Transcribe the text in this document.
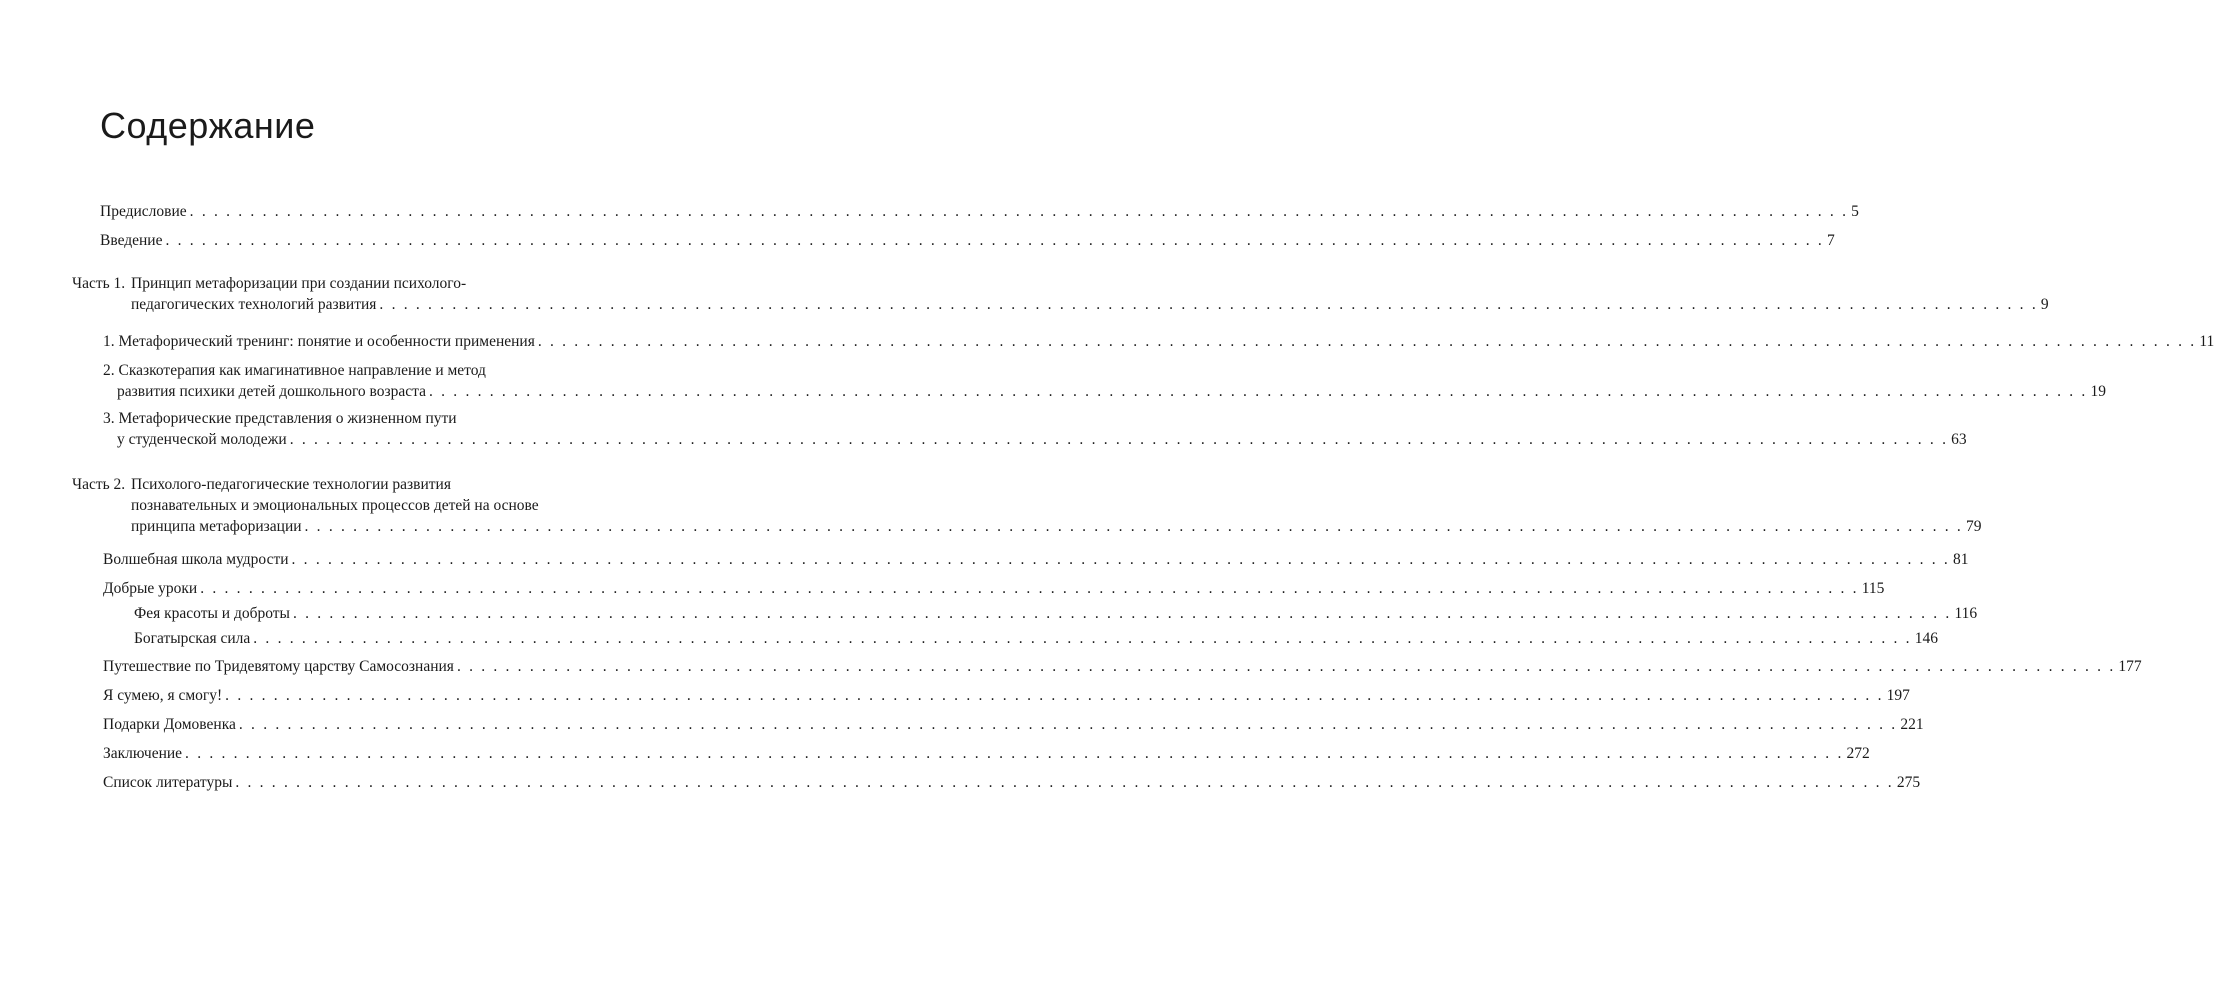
Содержание
Предисловие . . .	5
Введение . . .	7
Часть 1. Принцип метафоризации при создании психолого-
педагогических технологий развития . . .	9
1. Метафорический тренинг: понятие и особенности применения . . .	11
2. Сказкотерапия как имагинативное направление и метод
развития психики детей дошкольного возраста . . .	19
3. Метафорические представления о жизненном пути
у студенческой молодежи . . .	63
Часть 2. Психолого-педагогические технологии развития
познавательных и эмоциональных процессов детей на основе
принципа метафоризации . . .	79
Волшебная школа мудрости . . .	81
Добрые уроки . . .	115
Фея красоты и доброты . . .	116
Богатырская сила . . .	146
Путешествие по Тридевятому царству Самосознания . . .	177
Я сумею, я смогу! . . .	197
Подарки Домовенка . . .	221
Заключение . . .	272
Список литературы . . .	275
